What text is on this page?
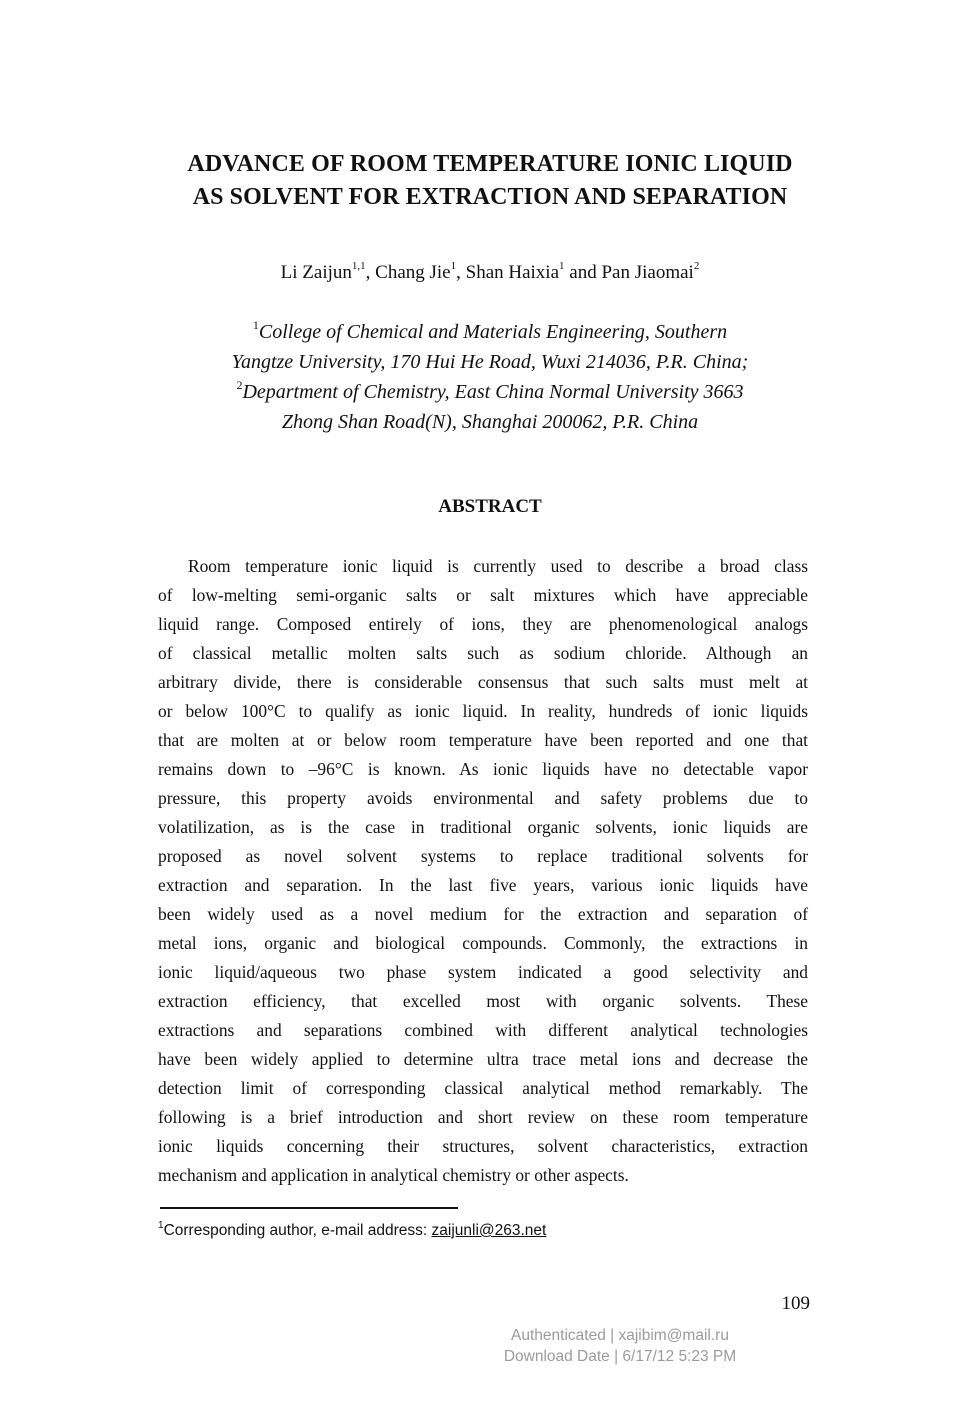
ADVANCE OF ROOM TEMPERATURE IONIC LIQUID
AS SOLVENT FOR EXTRACTION AND SEPARATION
Li Zaijun$^{1,1}$, Chang Jie$^1$, Shan Haixia$^1$ and Pan Jiaomai$^2$
$^1$College of Chemical and Materials Engineering, Southern
Yangtze University, 170 Hui He Road, Wuxi 214036, P.R. China;
$^2$Department of Chemistry, East China Normal University 3663
Zhong Shan Road(N), Shanghai 200062, P.R. China
ABSTRACT
Room temperature ionic liquid is currently used to describe a broad class
of low-melting semi-organic salts or salt mixtures which have appreciable
liquid range. Composed entirely of ions, they are phenomenological analogs
of classical metallic molten salts such as sodium chloride. Although an
arbitrary divide, there is considerable consensus that such salts must melt at
or below 100°C to qualify as ionic liquid. In reality, hundreds of ionic liquids
that are molten at or below room temperature have been reported and one that
remains down to –96°C is known. As ionic liquids have no detectable vapor
pressure, this property avoids environmental and safety problems due to
volatilization, as is the case in traditional organic solvents, ionic liquids are
proposed as novel solvent systems to replace traditional solvents for
extraction and separation. In the last five years, various ionic liquids have
been widely used as a novel medium for the extraction and separation of
metal ions, organic and biological compounds. Commonly, the extractions in
ionic liquid/aqueous two phase system indicated a good selectivity and
extraction efficiency, that excelled most with organic solvents. These
extractions and separations combined with different analytical technologies
have been widely applied to determine ultra trace metal ions and decrease the
detection limit of corresponding classical analytical method remarkably. The
following is a brief introduction and short review on these room temperature
ionic liquids concerning their structures, solvent characteristics, extraction
mechanism and application in analytical chemistry or other aspects.
$^1$Corresponding author, e-mail address: zaijunli@263.net
109
Authenticated | xajibim@mail.ru
Download Date | 6/17/12 5:23 PM
